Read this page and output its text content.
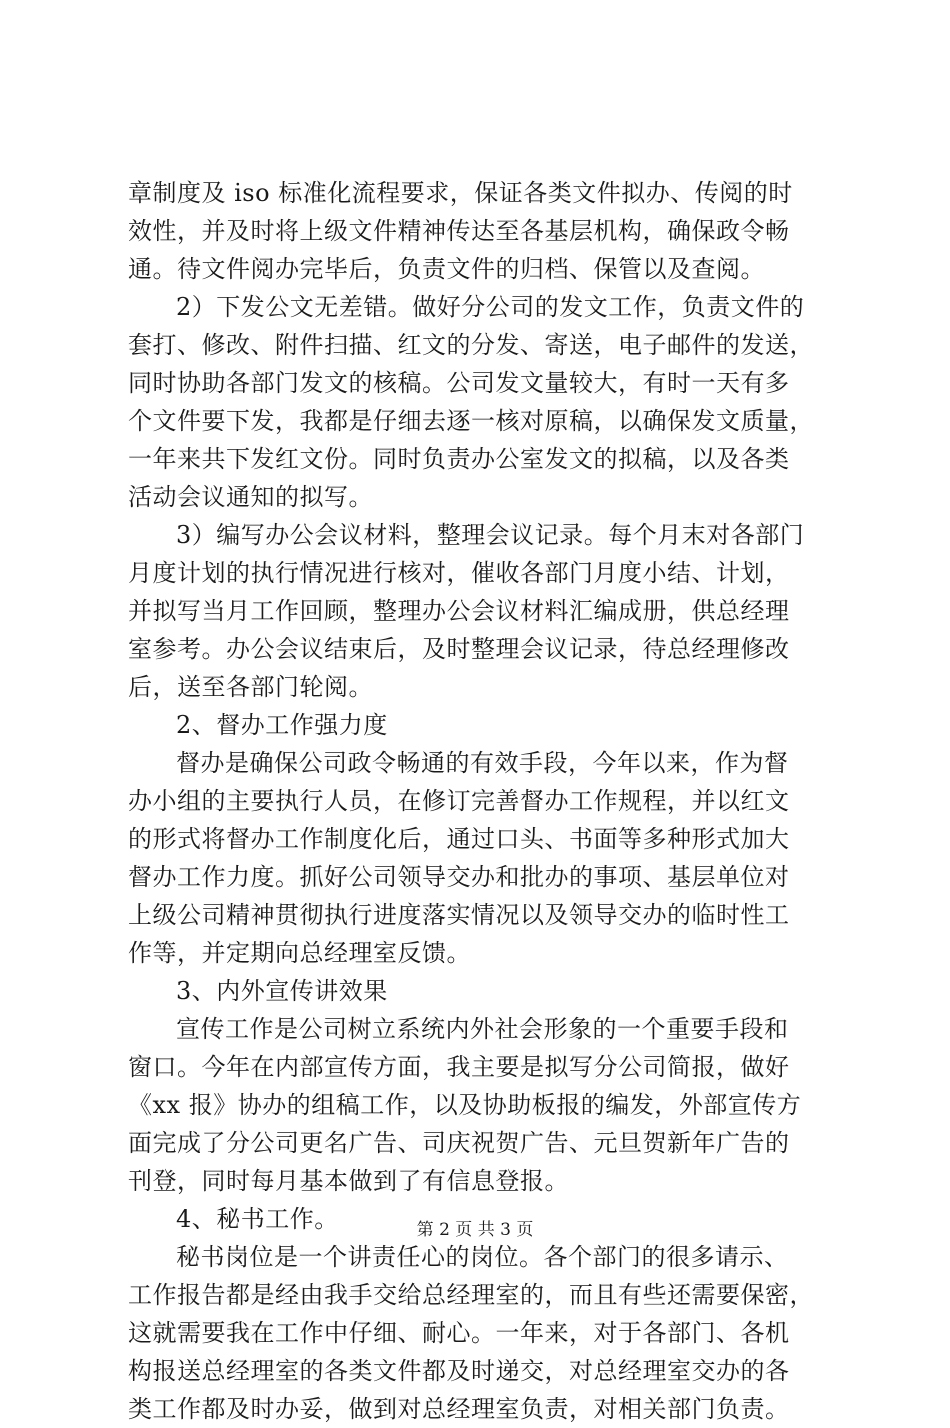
章制度及 iso 标准化流程要求，保证各类文件拟办、传阅的时
效性，并及时将上级文件精神传达至各基层机构，确保政令畅
通。待文件阅办完毕后，负责文件的归档、保管以及查阅。
2）下发公文无差错。做好分公司的发文工作，负责文件的
套打、修改、附件扫描、红文的分发、寄送，电子邮件的发送，
同时协助各部门发文的核稿。公司发文量较大，有时一天有多
个文件要下发，我都是仔细去逐一核对原稿，以确保发文质量，
一年来共下发红文份。同时负责办公室发文的拟稿，以及各类
活动会议通知的拟写。
3）编写办公会议材料，整理会议记录。每个月末对各部门
月度计划的执行情况进行核对，催收各部门月度小结、计划，
并拟写当月工作回顾，整理办公会议材料汇编成册，供总经理
室参考。办公会议结束后，及时整理会议记录，待总经理修改
后，送至各部门轮阅。
2、督办工作强力度
督办是确保公司政令畅通的有效手段，今年以来，作为督
办小组的主要执行人员，在修订完善督办工作规程，并以红文
的形式将督办工作制度化后，通过口头、书面等多种形式加大
督办工作力度。抓好公司领导交办和批办的事项、基层单位对
上级公司精神贯彻执行进度落实情况以及领导交办的临时性工
作等，并定期向总经理室反馈。
3、内外宣传讲效果
宣传工作是公司树立系统内外社会形象的一个重要手段和
窗口。今年在内部宣传方面，我主要是拟写分公司简报，做好
《xx 报》协办的组稿工作，以及协助板报的编发，外部宣传方
面完成了分公司更名广告、司庆祝贺广告、元旦贺新年广告的
刊登，同时每月基本做到了有信息登报。
4、秘书工作。
秘书岗位是一个讲责任心的岗位。各个部门的很多请示、
工作报告都是经由我手交给总经理室的，而且有些还需要保密，
这就需要我在工作中仔细、耐心。一年来，对于各部门、各机
构报送总经理室的各类文件都及时递交，对总经理室交办的各
类工作都及时办妥，做到对总经理室负责，对相关部门负责。
第 2 页 共 3 页
